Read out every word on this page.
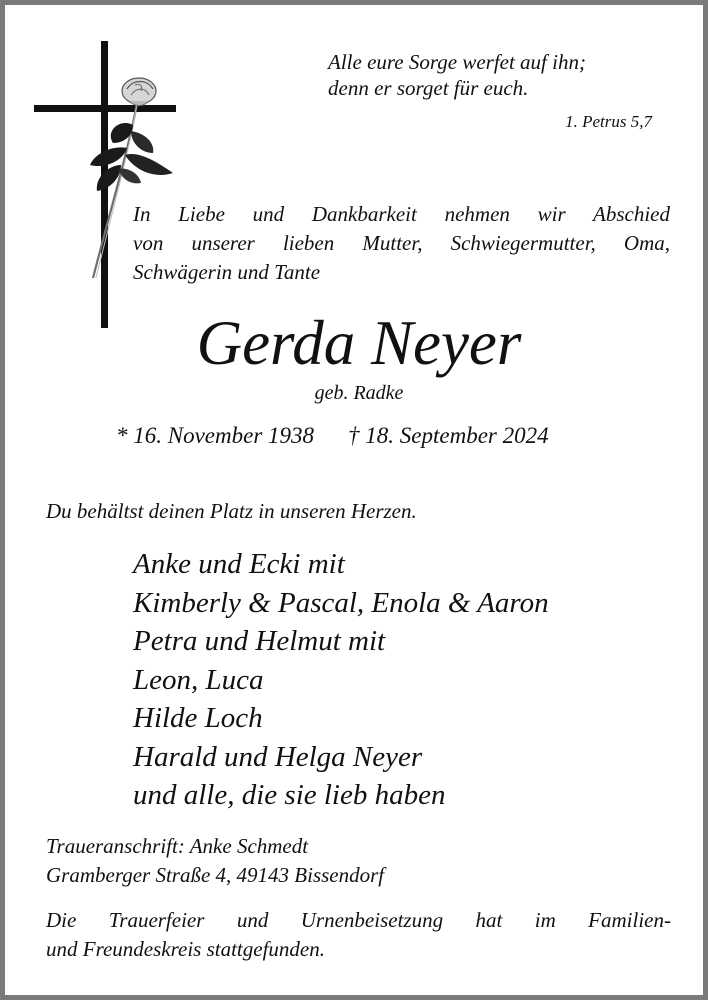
Alle eure Sorge werfet auf ihn;
denn er sorget für euch.
1. Petrus 5,7
In Liebe und Dankbarkeit nehmen wir Abschied
von unserer lieben Mutter, Schwiegermutter, Oma,
Schwägerin und Tante
Gerda Neyer
geb. Radke
* 16. November 1938 † 18. September 2024
Du behältst deinen Platz in unseren Herzen.
Anke und Ecki mit
Kimberly & Pascal, Enola & Aaron
Petra und Helmut mit
Leon, Luca
Hilde Loch
Harald und Helga Neyer
und alle, die sie lieb haben
Traueranschrift: Anke Schmedt
Gramberger Straße 4, 49143 Bissendorf
Die Trauerfeier und Urnenbeisetzung hat im Familien-
und Freundeskreis stattgefunden.
